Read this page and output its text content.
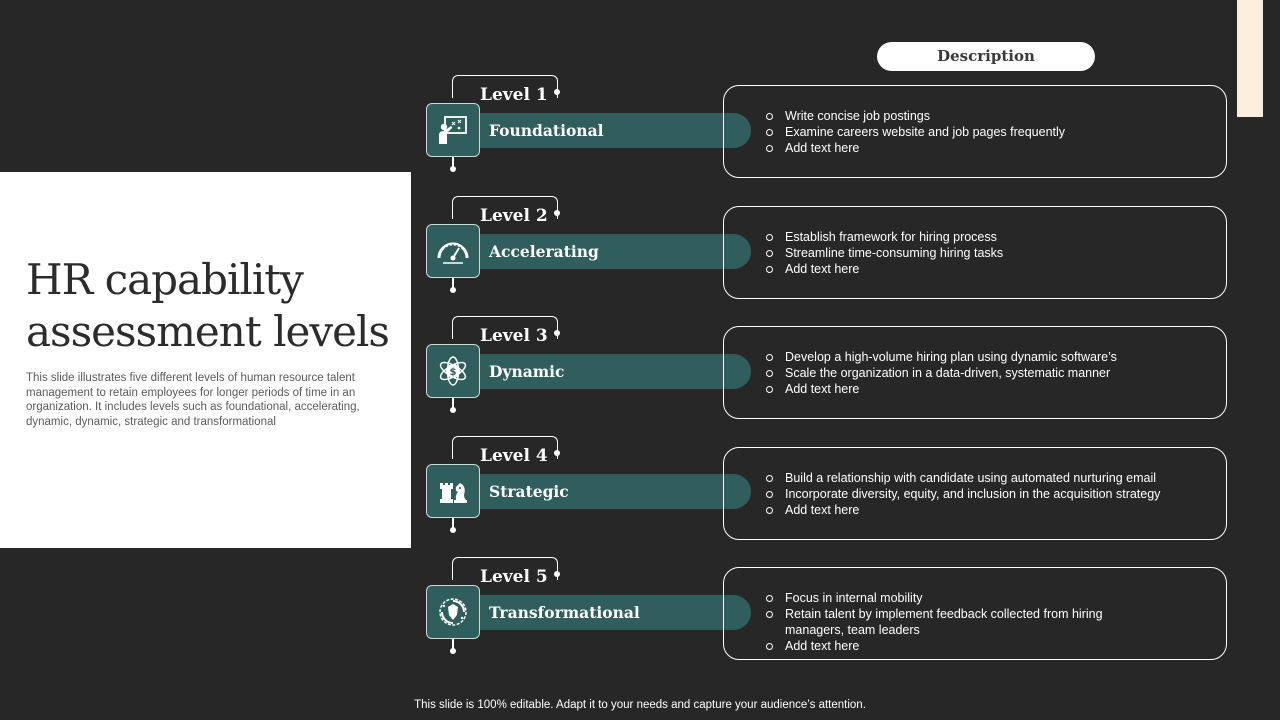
HR capability assessment levels

This slide illustrates five different levels of human resource talent management to retain employees for longer periods of time in an organization. It includes levels such as foundational, accelerating, dynamic, dynamic, strategic and transformational

Description
Level 1
Foundational
Write concise job postings
Examine careers website and job pages frequently
Add text here
Level 2
Accelerating
Establish framework for hiring process
Streamline time-consuming hiring tasks
Add text here
Level 3
Dynamic
$
Develop a high-volume hiring plan using dynamic software’s
Scale the organization in a data-driven, systematic manner
Add text here
Level 4
Strategic
Build a relationship with candidate using automated nurturing email
Incorporate diversity, equity, and inclusion in the acquisition strategy
Add text here
Level 5
Transformational
Focus in internal mobility
Retain talent by implement feedback collected from hiring managers, team leaders
Add text here
This slide is 100% editable. Adapt it to your needs and capture your audience’s attention.
